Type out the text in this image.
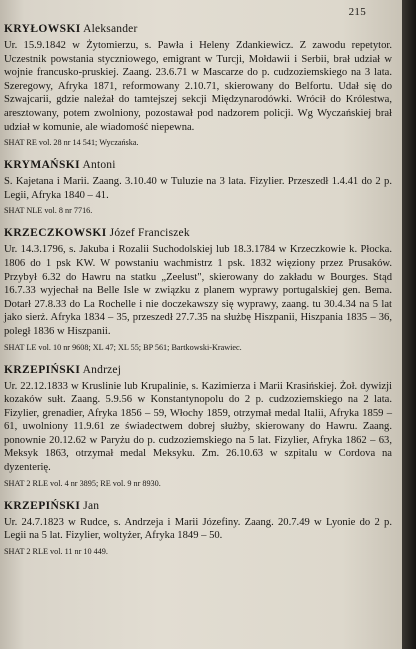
215

KRYŁOWSKI Aleksander

Ur. 15.9.1842 w Żytomierzu, s. Pawła i Heleny Zdankiewicz. Z zawodu repetytor. Uczestnik powstania styczniowego, emigrant w Turcji, Mołdawii i Serbii, brał udział w wojnie francusko-pruskiej. Zaang. 23.6.71 w Mascarze do p. cudzoziemskiego na 3 lata. Szeregowy, Afryka 1871, reformowany 2.10.71, skierowany do Belfortu. Udał się do Szwajcarii, gdzie należał do tamtejszej sekcji Międzynarodówki. Wrócił do Królestwa, aresztowany, potem zwolniony, pozostawał pod nadzorem policji. Wg Wyczańskiej brał udział w komunie, ale wiadomość niepewna.

SHAT RE vol. 28 nr 14 541; Wyczańska.

KRYMAŃSKI Antoni

S. Kajetana i Marii. Zaang. 3.10.40 w Tuluzie na 3 lata. Fizylier. Przeszedł 1.4.41 do 2 p. Legii, Afryka 1840 – 41.

SHAT NLE vol. 8 nr 7716.

KRZECZKOWSKI Józef Franciszek

Ur. 14.3.1796, s. Jakuba i Rozalii Suchodolskiej lub 18.3.1784 w Krzeczkowie k. Płocka. 1806 do 1 psk KW. W powstaniu wachmistrz 1 psk. 1832 więziony przez Prusaków. Przybył 6.32 do Hawru na statku „Zeelust", skierowany do zakładu w Bourges. Stąd 16.7.33 wyjechał na Belle Isle w związku z planem wyprawy portugalskiej gen. Bema. Dotarł 27.8.33 do La Rochelle i nie doczekawszy się wyprawy, zaang. tu 30.4.34 na 5 lat jako sierż. Afryka 1834 – 35, przeszedł 27.7.35 na służbę Hiszpanii, Hiszpania 1835 – 36, poległ 1836 w Hiszpanii.

SHAT LE vol. 10 nr 9608; XL 47; XL 55; BP 561; Bartkowski-Krawiec.

KRZEPIŃSKI Andrzej

Ur. 22.12.1833 w Kruslinie lub Krupalinie, s. Kazimierza i Marii Krasińskiej. Żoł. dywizji kozaków sułt. Zaang. 5.9.56 w Konstantynopolu do 2 p. cudzoziemskiego na 2 lata. Fizylier, grenadier, Afryka 1856 – 59, Włochy 1859, otrzymał medal Italii, Afryka 1859 – 61, uwolniony 11.9.61 ze świadectwem dobrej służby, skierowany do Hawru. Zaang. ponownie 20.12.62 w Paryżu do p. cudzoziemskiego na 5 lat. Fizylier, Afryka 1862 – 63, Meksyk 1863, otrzymał medal Meksyku. Zm. 26.10.63 w szpitalu w Cordova na dyzenterię.

SHAT 2 RLE vol. 4 nr 3895; RE vol. 9 nr 8930.

KRZEPIŃSKI Jan

Ur. 24.7.1823 w Rudce, s. Andrzeja i Marii Józefiny. Zaang. 20.7.49 w Lyonie do 2 p. Legii na 5 lat. Fizylier, woltyżer, Afryka 1849 – 50.

SHAT 2 RLE vol. 11 nr 10 449.
